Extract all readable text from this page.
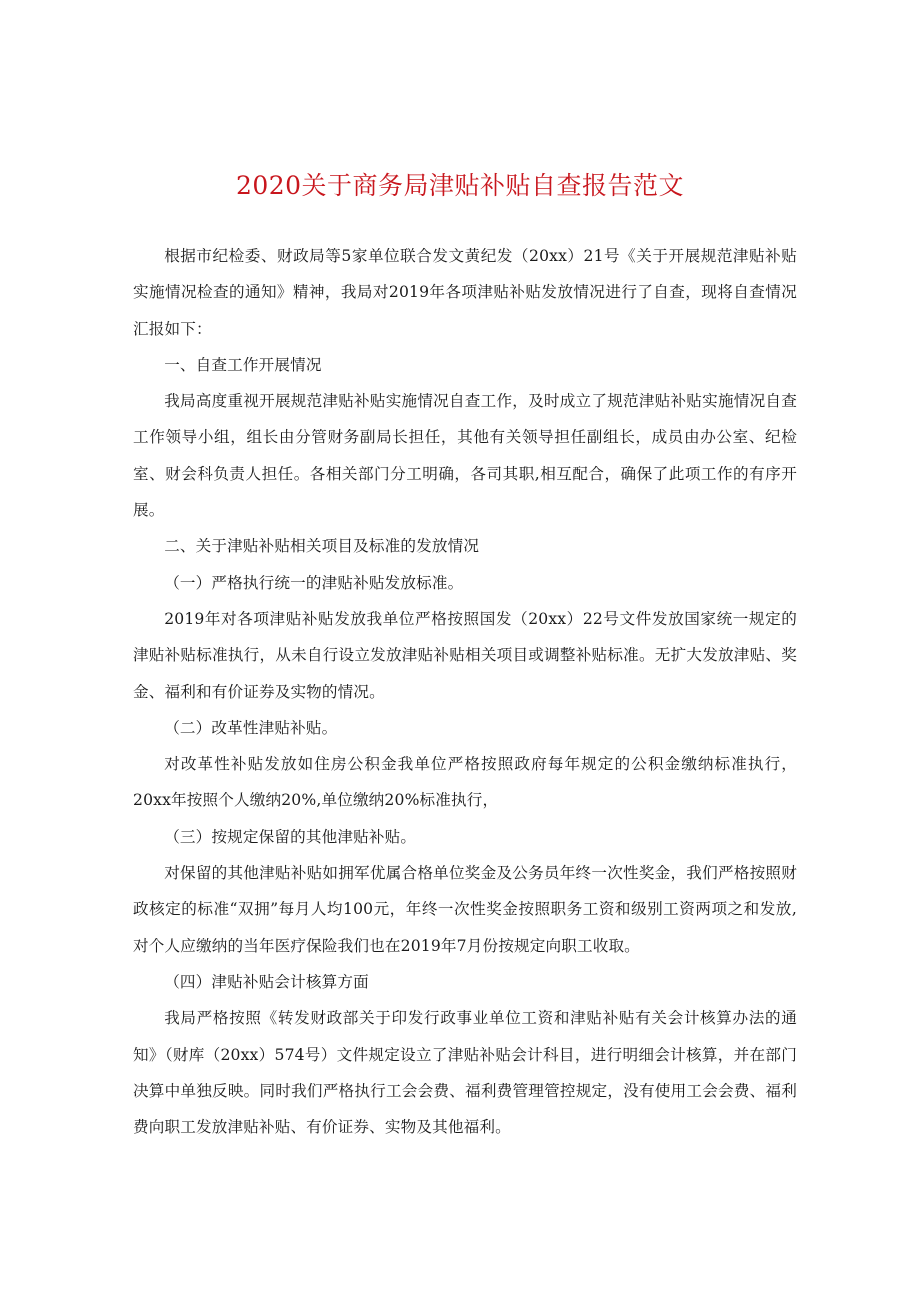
2020关于商务局津贴补贴自查报告范文

根据市纪检委、财政局等5家单位联合发文黄纪发（20xx）21号《关于开展规范津贴补贴实施情况检查的通知》精神，我局对2019年各项津贴补贴发放情况进行了自查，现将自查情况汇报如下：

一、自查工作开展情况

我局高度重视开展规范津贴补贴实施情况自查工作，及时成立了规范津贴补贴实施情况自查工作领导小组，组长由分管财务副局长担任，其他有关领导担任副组长，成员由办公室、纪检室、财会科负责人担任。各相关部门分工明确，各司其职,相互配合，确保了此项工作的有序开展。

二、关于津贴补贴相关项目及标准的发放情况

（一）严格执行统一的津贴补贴发放标准。

2019年对各项津贴补贴发放我单位严格按照国发（20xx）22号文件发放国家统一规定的津贴补贴标准执行，从未自行设立发放津贴补贴相关项目或调整补贴标准。无扩大发放津贴、奖金、福利和有价证券及实物的情况。

（二）改革性津贴补贴。

对改革性补贴发放如住房公积金我单位严格按照政府每年规定的公积金缴纳标准执行，20xx年按照个人缴纳20%,单位缴纳20%标准执行，

（三）按规定保留的其他津贴补贴。

对保留的其他津贴补贴如拥军优属合格单位奖金及公务员年终一次性奖金，我们严格按照财政核定的标准“双拥”每月人均100元，年终一次性奖金按照职务工资和级别工资两项之和发放,对个人应缴纳的当年医疗保险我们也在2019年7月份按规定向职工收取。

（四）津贴补贴会计核算方面

我局严格按照《转发财政部关于印发行政事业单位工资和津贴补贴有关会计核算办法的通知》（财库（20xx）574号）文件规定设立了津贴补贴会计科目，进行明细会计核算，并在部门决算中单独反映。同时我们严格执行工会会费、福利费管理管控规定，没有使用工会会费、福利费向职工发放津贴补贴、有价证券、实物及其他福利。
